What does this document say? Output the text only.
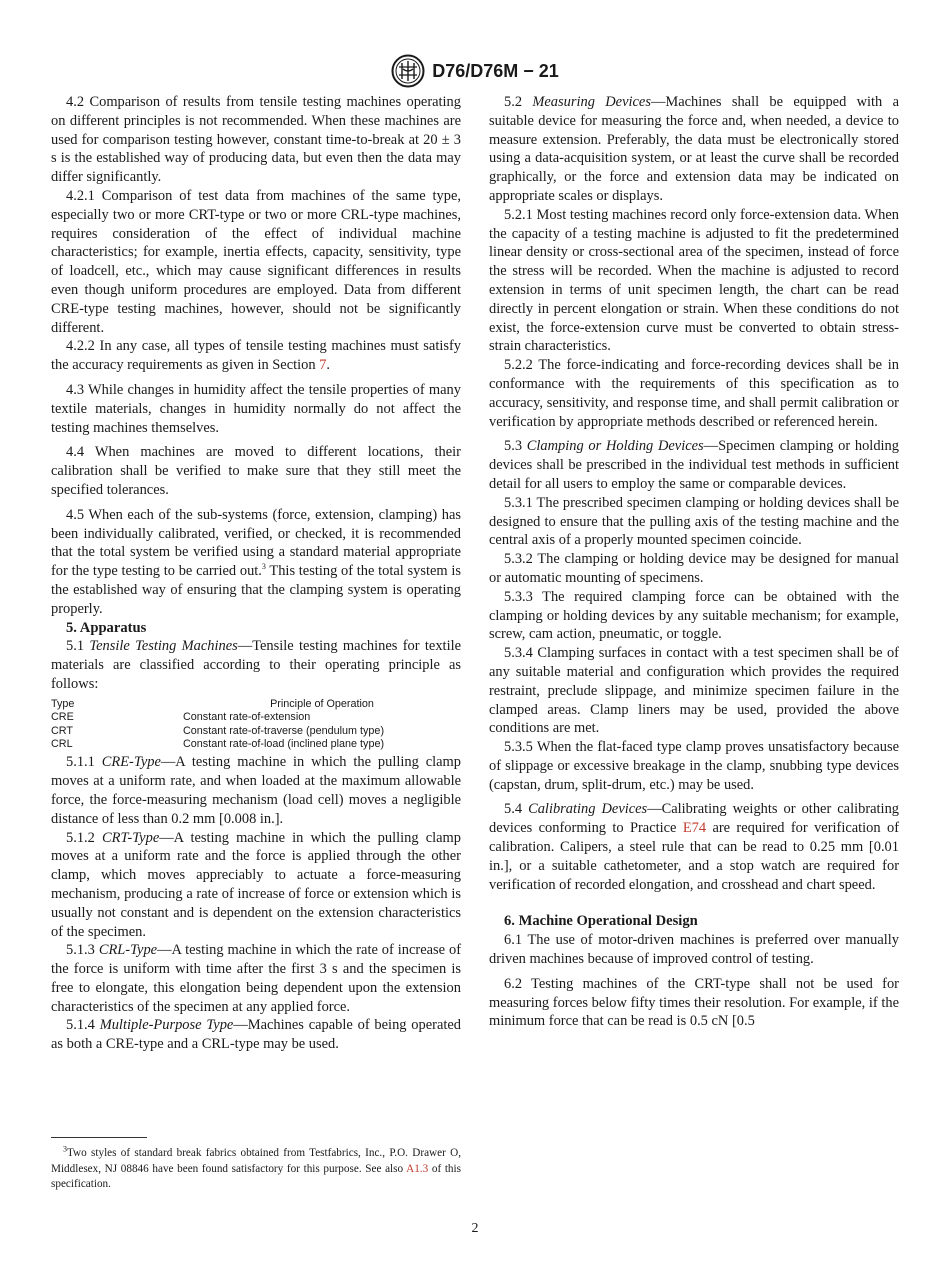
D76/D76M − 21

4.2 Comparison of results from tensile testing machines operating on different principles is not recommended. When these machines are used for comparison testing however, constant time-to-break at 20 ± 3 s is the established way of producing data, but even then the data may differ significantly.

4.2.1 Comparison of test data from machines of the same type, especially two or more CRT-type or two or more CRL-type machines, requires consideration of the effect of individual machine characteristics; for example, inertia effects, capacity, sensitivity, type of loadcell, etc., which may cause significant differences in results even though uniform procedures are employed. Data from different CRE-type testing machines, however, should not be significantly different.

4.2.2 In any case, all types of tensile testing machines must satisfy the accuracy requirements as given in Section 7.

4.3 While changes in humidity affect the tensile properties of many textile materials, changes in humidity normally do not affect the testing machines themselves.

4.4 When machines are moved to different locations, their calibration shall be verified to make sure that they still meet the specified tolerances.

4.5 When each of the sub-systems (force, extension, clamping) has been individually calibrated, verified, or checked, it is recommended that the total system be verified using a standard material appropriate for the type testing to be carried out.$^3$ This testing of the total system is the established way of ensuring that the clamping system is operating properly.

5. Apparatus

5.1 Tensile Testing Machines—Tensile testing machines for textile materials are classified according to their operating principle as follows:

Type	Principle of Operation
CRE	Constant rate-of-extension
CRT	Constant rate-of-traverse (pendulum type)
CRL	Constant rate-of-load (inclined plane type)

5.1.1 CRE-Type—A testing machine in which the pulling clamp moves at a uniform rate, and when loaded at the maximum allowable force, the force-measuring mechanism (load cell) moves a negligible distance of less than 0.2 mm [0.008 in.].

5.1.2 CRT-Type—A testing machine in which the pulling clamp moves at a uniform rate and the force is applied through the other clamp, which moves appreciably to actuate a force-measuring mechanism, producing a rate of increase of force or extension which is usually not constant and is dependent on the extension characteristics of the specimen.

5.1.3 CRL-Type—A testing machine in which the rate of increase of the force is uniform with time after the first 3 s and the specimen is free to elongate, this elongation being dependent upon the extension characteristics of the specimen at any applied force.

5.1.4 Multiple-Purpose Type—Machines capable of being operated as both a CRE-type and a CRL-type may be used.

$^3$Two styles of standard break fabrics obtained from Testfabrics, Inc., P.O. Drawer O, Middlesex, NJ 08846 have been found satisfactory for this purpose. See also A1.3 of this specification.

5.2 Measuring Devices—Machines shall be equipped with a suitable device for measuring the force and, when needed, a device to measure extension. Preferably, the data must be electronically stored using a data-acquisition system, or at least the curve shall be recorded graphically, or the force and extension data may be indicated on appropriate scales or displays.

5.2.1 Most testing machines record only force-extension data. When the capacity of a testing machine is adjusted to fit the predetermined linear density or cross-sectional area of the specimen, instead of force the stress will be recorded. When the machine is adjusted to record extension in terms of unit specimen length, the chart can be read directly in percent elongation or strain. When these conditions do not exist, the force-extension curve must be converted to obtain stress-strain characteristics.

5.2.2 The force-indicating and force-recording devices shall be in conformance with the requirements of this specification as to accuracy, sensitivity, and response time, and shall permit calibration or verification by appropriate methods described or referenced herein.

5.3 Clamping or Holding Devices—Specimen clamping or holding devices shall be prescribed in the individual test methods in sufficient detail for all users to employ the same or comparable devices.

5.3.1 The prescribed specimen clamping or holding devices shall be designed to ensure that the pulling axis of the testing machine and the central axis of a properly mounted specimen coincide.

5.3.2 The clamping or holding device may be designed for manual or automatic mounting of specimens.

5.3.3 The required clamping force can be obtained with the clamping or holding devices by any suitable mechanism; for example, screw, cam action, pneumatic, or toggle.

5.3.4 Clamping surfaces in contact with a test specimen shall be of any suitable material and configuration which provides the required restraint, preclude slippage, and minimize specimen failure in the clamped areas. Clamp liners may be used, provided the above conditions are met.

5.3.5 When the flat-faced type clamp proves unsatisfactory because of slippage or excessive breakage in the clamp, snubbing type devices (capstan, drum, split-drum, etc.) may be used.

5.4 Calibrating Devices—Calibrating weights or other calibrating devices conforming to Practice E74 are required for verification of calibration. Calipers, a steel rule that can be read to 0.25 mm [0.01 in.], or a suitable cathetometer, and a stop watch are required for verification of recorded elongation, and crosshead and chart speed.

6. Machine Operational Design

6.1 The use of motor-driven machines is preferred over manually driven machines because of improved control of testing.

6.2 Testing machines of the CRT-type shall not be used for measuring forces below fifty times their resolution. For example, if the minimum force that can be read is 0.5 cN [0.5

2
